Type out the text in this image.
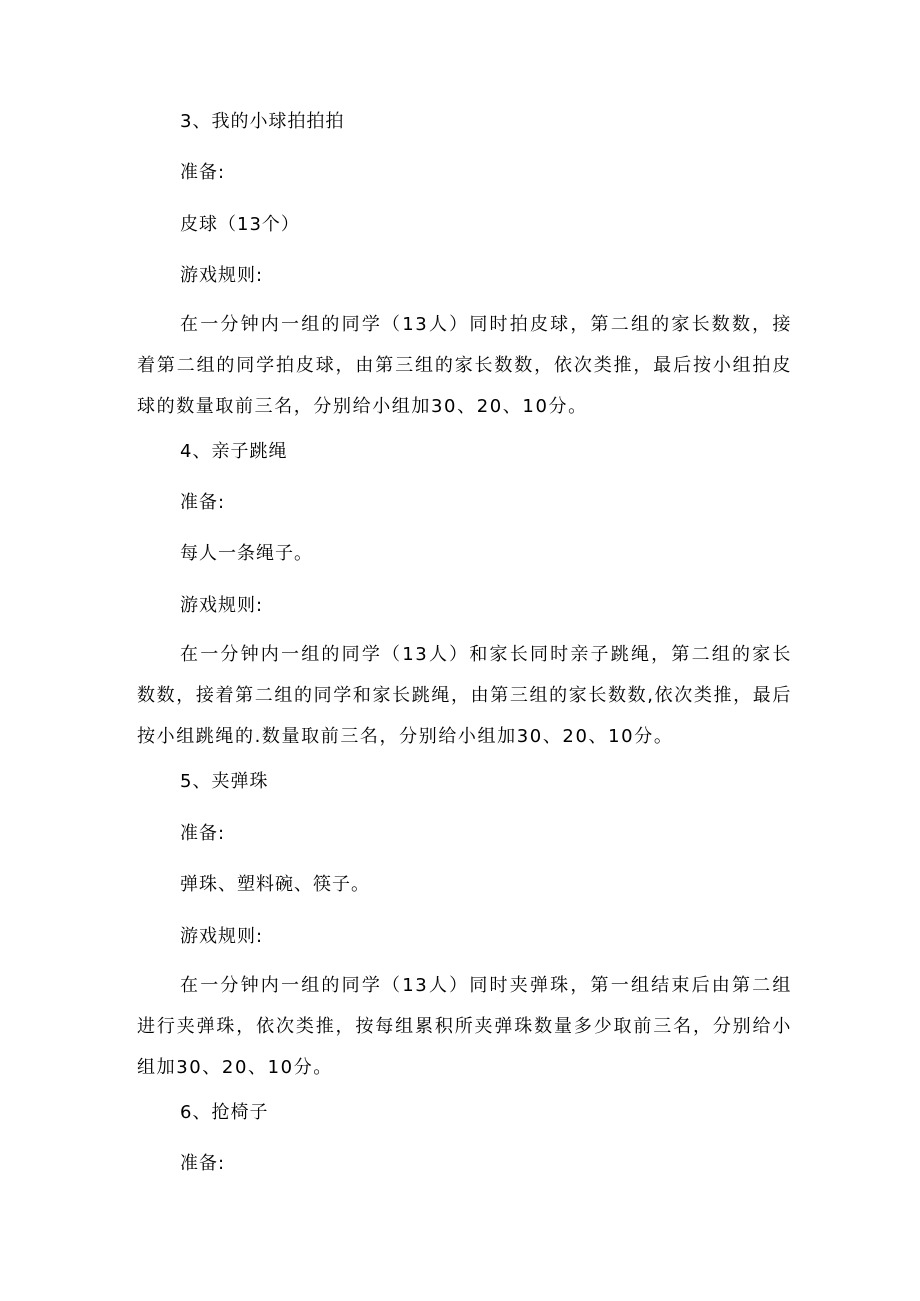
3、我的小球拍拍拍
准备:
皮球（13个）
游戏规则:
在一分钟内一组的同学（13人）同时拍皮球，第二组的家长数数，接着第二组的同学拍皮球，由第三组的家长数数，依次类推，最后按小组拍皮球的数量取前三名，分别给小组加30、20、10分。
4、亲子跳绳
准备:
每人一条绳子。
游戏规则:
在一分钟内一组的同学（13人）和家长同时亲子跳绳，第二组的家长数数，接着第二组的同学和家长跳绳，由第三组的家长数数,依次类推，最后按小组跳绳的.数量取前三名，分别给小组加30、20、10分。
5、夹弹珠
准备:
弹珠、塑料碗、筷子。
游戏规则:
在一分钟内一组的同学（13人）同时夹弹珠，第一组结束后由第二组进行夹弹珠，依次类推，按每组累积所夹弹珠数量多少取前三名，分别给小组加30、20、10分。
6、抢椅子
准备:
